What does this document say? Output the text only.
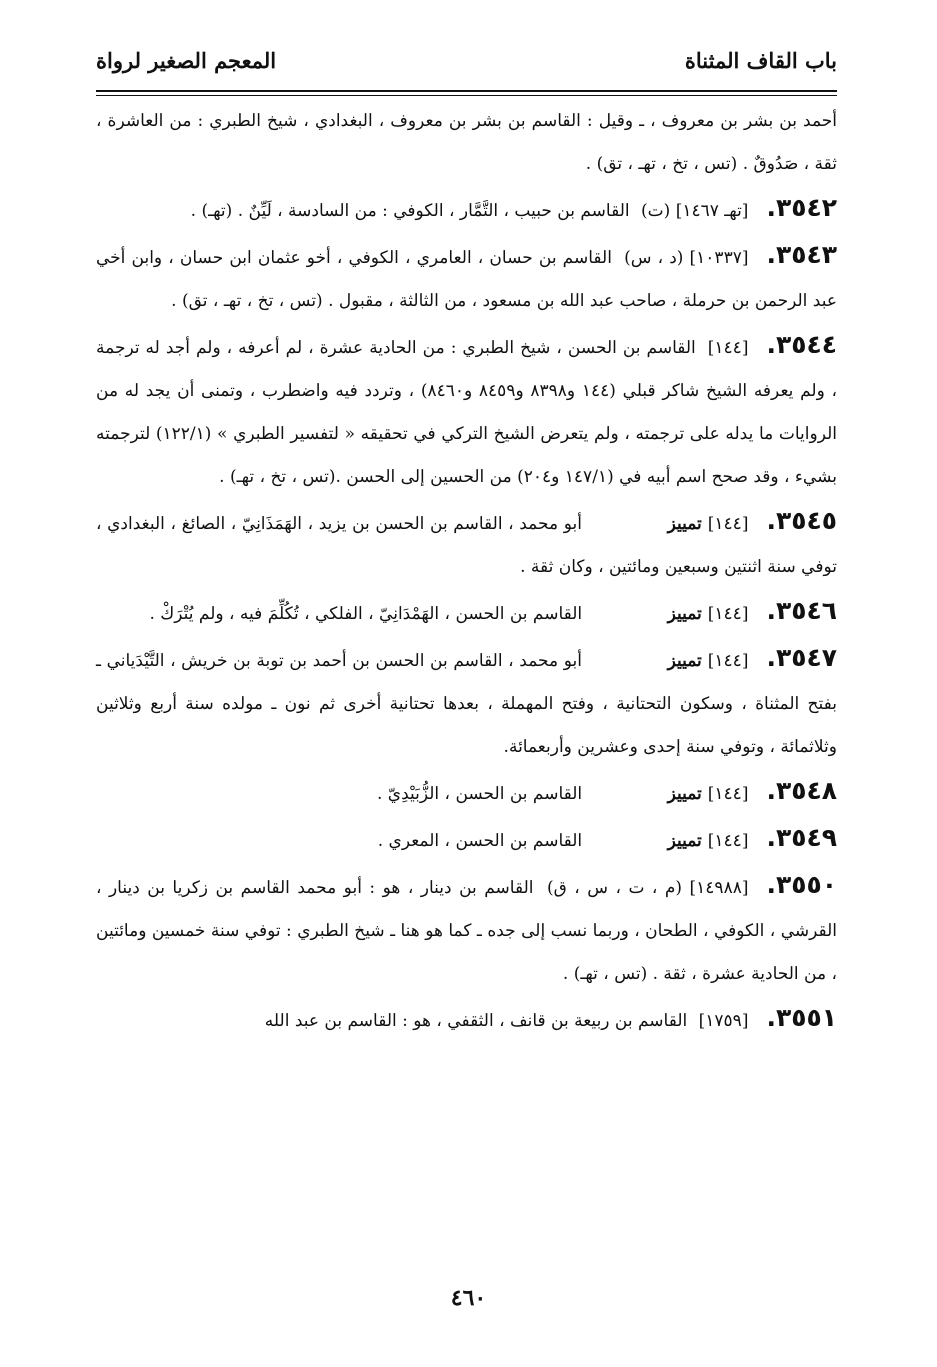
باب القاف المثناة
المعجم الصغير لرواة

أحمد بن بشر بن معروف ، ـ وقيل : القاسم بن بشر بن معروف ، البغدادي ، شيخ الطبري : من العاشرة ، ثقة ، صَدُوقٌ . (تس ، تخ ، تهـ ، تق) .

٣٥٤٢.[تهـ ١٤٦٧] (ت) القاسم بن حبيب ، التَّمَّار ، الكوفي : من السادسة ، لَيِّنٌ . (تهـ) .

٣٥٤٣.[١٠٣٣٧] (د ، س) القاسم بن حسان ، العامري ، الكوفي ، أخو عثمان ابن حسان ، وابن أخي عبد الرحمن بن حرملة ، صاحب عبد الله بن مسعود ، من الثالثة ، مقبول . (تس ، تخ ، تهـ ، تق) .

٣٥٤٤.[١٤٤] القاسم بن الحسن ، شيخ الطبري : من الحادية عشرة ، لم أعرفه ، ولم أجد له ترجمة ، ولم يعرفه الشيخ شاكر قبلي (١٤٤ و٨٣٩٨ و٨٤٥٩ و٨٤٦٠) ، وتردد فيه واضطرب ، وتمنى أن يجد له من الروايات ما يدله على ترجمته ، ولم يتعرض الشيخ التركي في تحقيقه « لتفسير الطبري » (١٢٢/١) لترجمته بشيء ، وقد صحح اسم أبيه في (١٤٧/١ و٢٠٤) من الحسين إلى الحسن .(تس ، تخ ، تهـ) .

٣٥٤٥.[١٤٤]تمييز أبو محمد ، القاسم بن الحسن بن يزيد ، الهَمَذَانِيّ ، الصائغ ، البغدادي ، توفي سنة اثنتين وسبعين ومائتين ، وكان ثقة .

٣٥٤٦.[١٤٤]تمييز القاسم بن الحسن ، الهَمْدَانِيّ ، الفلكي ، تُكُلِّمَ فيه ، ولم يُتْرَكْ .

٣٥٤٧.[١٤٤]تمييز أبو محمد ، القاسم بن الحسن بن أحمد بن توبة بن خريش ، التَّيْدَياني ـ بفتح المثناة ، وسكون التحتانية ، وفتح المهملة ، بعدها تحتانية أخرى ثم نون ـ مولده سنة أربع وثلاثين وثلاثمائة ، وتوفي سنة إحدى وعشرين وأربعمائة.

٣٥٤٨.[١٤٤]تمييز القاسم بن الحسن ، الزُّبَيْدِيّ .

٣٥٤٩.[١٤٤]تمييز القاسم بن الحسن ، المعري .

٣٥٥٠.[١٤٩٨٨] (م ، ت ، س ، ق) القاسم بن دينار ، هو : أبو محمد القاسم بن زكريا بن دينار ، القرشي ، الكوفي ، الطحان ، وربما نسب إلى جده ـ كما هو هنا ـ شيخ الطبري : توفي سنة خمسين ومائتين ، من الحادية عشرة ، ثقة . (تس ، تهـ) .

٣٥٥١.[١٧٥٩] القاسم بن ربيعة بن قانف ، الثقفي ، هو : القاسم بن عبد الله

٤٦٠
